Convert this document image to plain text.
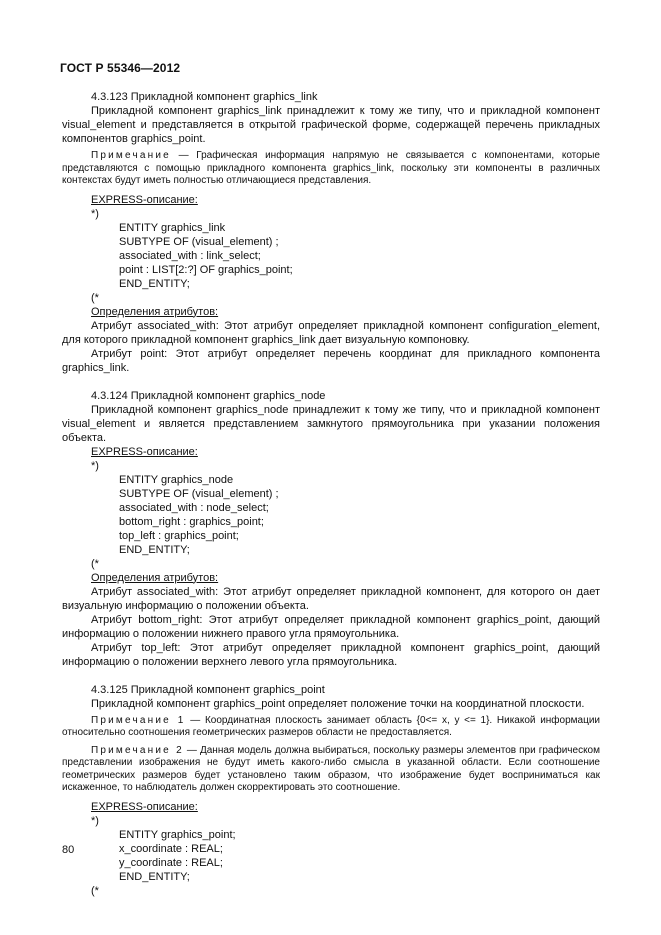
ГОСТ Р 55346—2012

4.3.123 Прикладной компонент graphics_link

Прикладной компонент graphics_link принадлежит к тому же типу, что и прикладной компонент visual_element и представляется в открытой графической форме, содержащей перечень прикладных компонентов graphics_point.

Примечание — Графическая информация напрямую не связывается с компонентами, которые представляются с помощью прикладного компонента graphics_link, поскольку эти компоненты в различных контекстах будут иметь полностью отличающиеся представления.

EXPRESS-описание:

*)

ENTITY graphics_link

SUBTYPE OF (visual_element) ;

associated_with : link_select;

point : LIST[2:?] OF graphics_point;

END_ENTITY;

(*

Определения атрибутов:

Атрибут associated_with: Этот атрибут определяет прикладной компонент configuration_element, для которого прикладной компонент graphics_link дает визуальную компоновку.

Атрибут point: Этот атрибут определяет перечень координат для прикладного компонента graphics_link.

4.3.124 Прикладной компонент graphics_node

Прикладной компонент graphics_node принадлежит к тому же типу, что и прикладной компонент visual_element и является представлением замкнутого прямоугольника при указании положения объекта.

EXPRESS-описание:

*)

ENTITY graphics_node

SUBTYPE OF (visual_element) ;

associated_with : node_select;

bottom_right : graphics_point;

top_left : graphics_point;

END_ENTITY;

(*

Определения атрибутов:

Атрибут associated_with: Этот атрибут определяет прикладной компонент, для которого он дает визуальную информацию о положении объекта.

Атрибут bottom_right: Этот атрибут определяет прикладной компонент graphics_point, дающий информацию о положении нижнего правого угла прямоугольника.

Атрибут top_left: Этот атрибут определяет прикладной компонент graphics_point, дающий информацию о положении верхнего левого угла прямоугольника.

4.3.125 Прикладной компонент graphics_point

Прикладной компонент graphics_point определяет положение точки на координатной плоскости.

Примечание 1 — Координатная плоскость занимает область {0<= x, y <= 1}. Никакой информации относительно соотношения геометрических размеров области не предоставляется.

Примечание 2 — Данная модель должна выбираться, поскольку размеры элементов при графическом представлении изображения не будут иметь какого-либо смысла в указанной области. Если соотношение геометрических размеров будет установлено таким образом, что изображение будет восприниматься как искаженное, то наблюдатель должен скорректировать это соотношение.

EXPRESS-описание:

*)

ENTITY graphics_point;

x_coordinate : REAL;

y_coordinate : REAL;

END_ENTITY;

(*

80
